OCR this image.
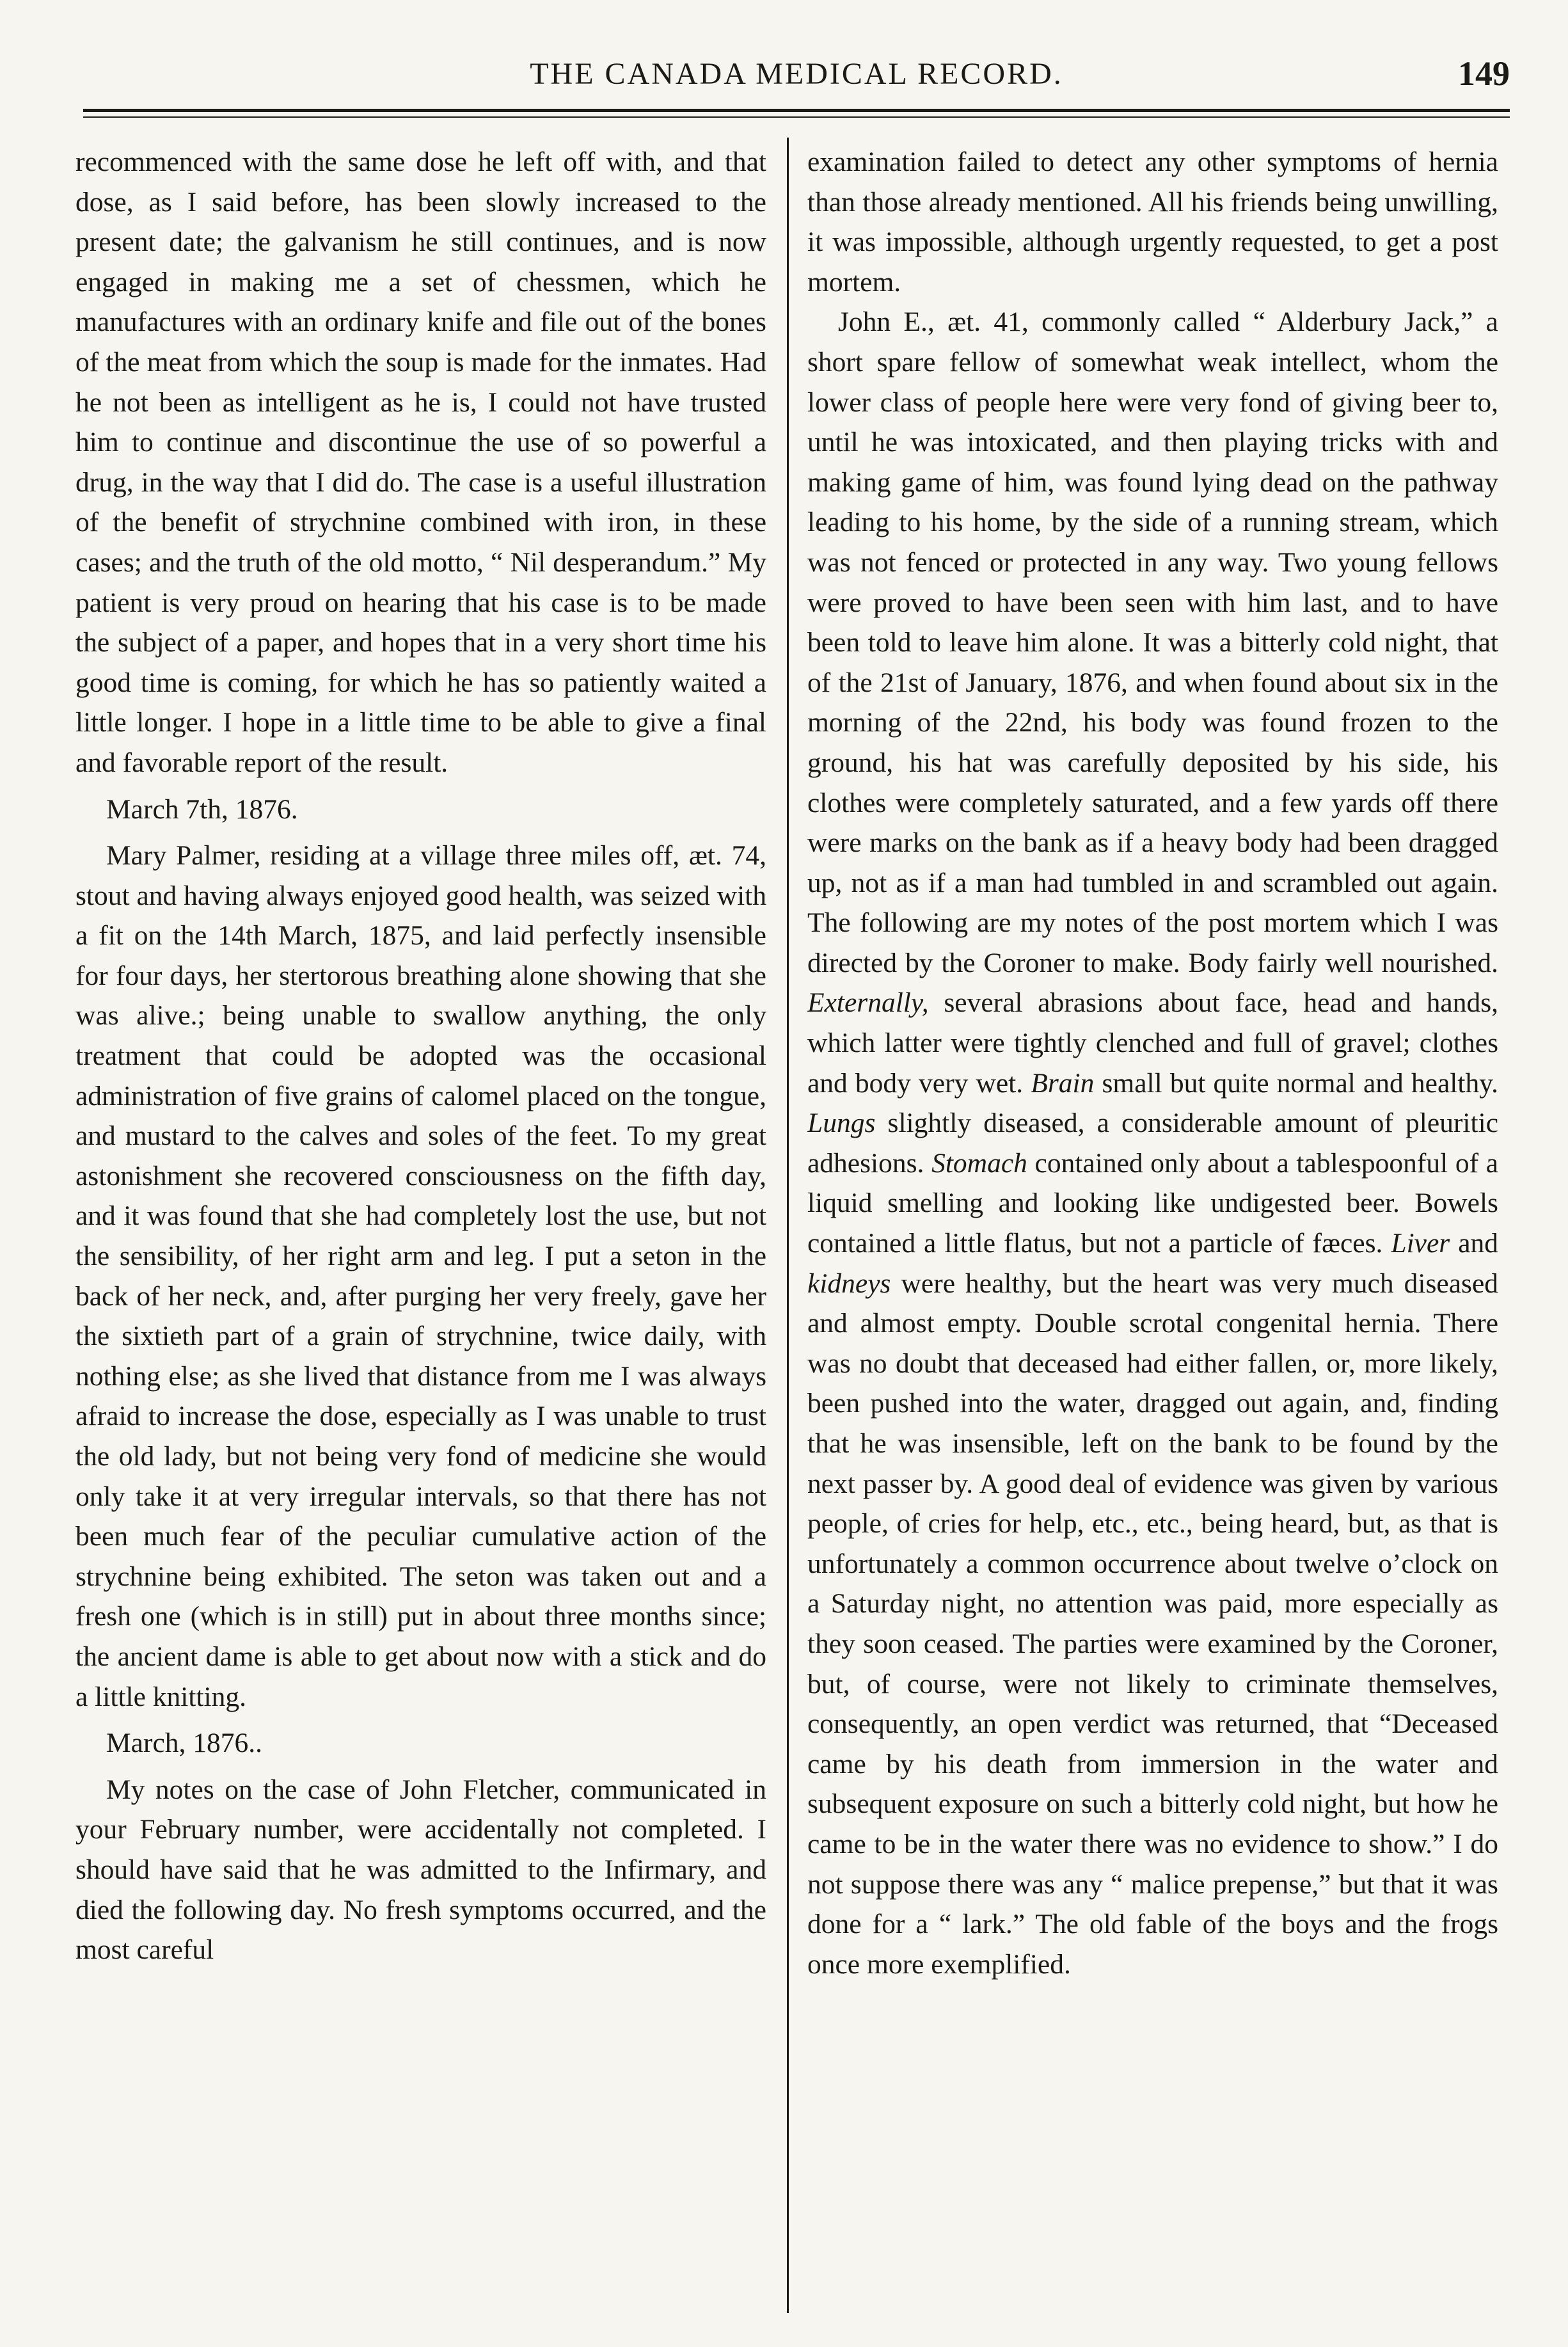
THE CANADA MEDICAL RECORD.	149

recommenced with the same dose he left off with, and that dose, as I said before, has been slowly increased to the present date; the galvanism he still continues, and is now engaged in making me a set of chessmen, which he manufactures with an ordinary knife and file out of the bones of the meat from which the soup is made for the inmates. Had he not been as intelligent as he is, I could not have trusted him to continue and discontinue the use of so powerful a drug, in the way that I did do. The case is a useful illustration of the benefit of strychnine combined with iron, in these cases; and the truth of the old motto, “ Nil desperandum.” My patient is very proud on hearing that his case is to be made the subject of a paper, and hopes that in a very short time his good time is coming, for which he has so patiently waited a little longer. I hope in a little time to be able to give a final and favorable report of the result.

March 7th, 1876.

Mary Palmer, residing at a village three miles off, æt. 74, stout and having always enjoyed good health, was seized with a fit on the 14th March, 1875, and laid perfectly insensible for four days, her stertorous breathing alone showing that she was alive.; being unable to swallow anything, the only treatment that could be adopted was the occasional administration of five grains of calomel placed on the tongue, and mustard to the calves and soles of the feet. To my great astonishment she recovered consciousness on the fifth day, and it was found that she had completely lost the use, but not the sensibility, of her right arm and leg. I put a seton in the back of her neck, and, after purging her very freely, gave her the sixtieth part of a grain of strychnine, twice daily, with nothing else; as she lived that distance from me I was always afraid to increase the dose, especially as I was unable to trust the old lady, but not being very fond of medicine she would only take it at very irregular intervals, so that there has not been much fear of the peculiar cumulative action of the strychnine being exhibited. The seton was taken out and a fresh one (which is in still) put in about three months since; the ancient dame is able to get about now with a stick and do a little knitting.

March, 1876..

My notes on the case of John Fletcher, communicated in your February number, were accidentally not completed. I should have said that he was admitted to the Infirmary, and died the following day. No fresh symptoms occurred, and the most careful

examination failed to detect any other symptoms of hernia than those already mentioned. All his friends being unwilling, it was impossible, although urgently requested, to get a post mortem.

John E., æt. 41, commonly called “ Alderbury Jack,” a short spare fellow of somewhat weak intellect, whom the lower class of people here were very fond of giving beer to, until he was intoxicated, and then playing tricks with and making game of him, was found lying dead on the pathway leading to his home, by the side of a running stream, which was not fenced or protected in any way. Two young fellows were proved to have been seen with him last, and to have been told to leave him alone. It was a bitterly cold night, that of the 21st of January, 1876, and when found about six in the morning of the 22nd, his body was found frozen to the ground, his hat was carefully deposited by his side, his clothes were completely saturated, and a few yards off there were marks on the bank as if a heavy body had been dragged up, not as if a man had tumbled in and scrambled out again. The following are my notes of the post mortem which I was directed by the Coroner to make. Body fairly well nourished. Externally, several abrasions about face, head and hands, which latter were tightly clenched and full of gravel; clothes and body very wet. Brain small but quite normal and healthy. Lungs slightly diseased, a considerable amount of pleuritic adhesions. Stomach contained only about a tablespoonful of a liquid smelling and looking like undigested beer. Bowels contained a little flatus, but not a particle of fæces. Liver and kidneys were healthy, but the heart was very much diseased and almost empty. Double scrotal congenital hernia. There was no doubt that deceased had either fallen, or, more likely, been pushed into the water, dragged out again, and, finding that he was insensible, left on the bank to be found by the next passer by. A good deal of evidence was given by various people, of cries for help, etc., etc., being heard, but, as that is unfortunately a common occurrence about twelve o’clock on a Saturday night, no attention was paid, more especially as they soon ceased. The parties were examined by the Coroner, but, of course, were not likely to criminate themselves, consequently, an open verdict was returned, that “Deceased came by his death from immersion in the water and subsequent exposure on such a bitterly cold night, but how he came to be in the water there was no evidence to show.” I do not suppose there was any “ malice prepense,” but that it was done for a “ lark.” The old fable of the boys and the frogs once more exemplified.
